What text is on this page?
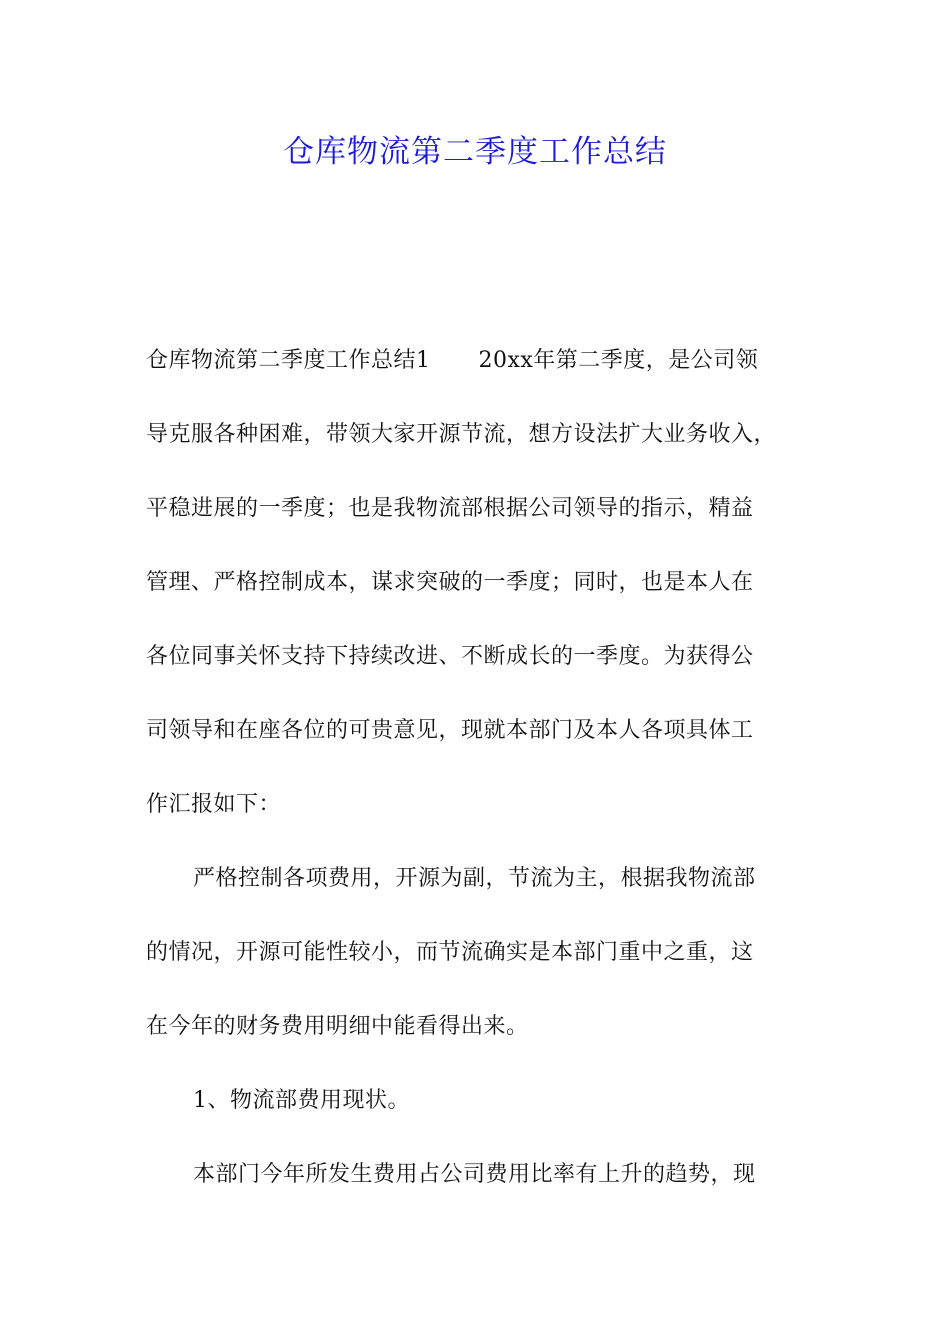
仓库物流第二季度工作总结
仓库物流第二季度工作总结1 20xx年第二季度，是公司领
导克服各种困难，带领大家开源节流，想方设法扩大业务收入，
平稳进展的一季度；也是我物流部根据公司领导的指示，精益
管理、严格控制成本，谋求突破的一季度；同时，也是本人在
各位同事关怀支持下持续改进、不断成长的一季度。为获得公
司领导和在座各位的可贵意见，现就本部门及本人各项具体工
作汇报如下：
严格控制各项费用，开源为副，节流为主，根据我物流部
的情况，开源可能性较小，而节流确实是本部门重中之重，这
在今年的财务费用明细中能看得出来。
1、物流部费用现状。
本部门今年所发生费用占公司费用比率有上升的趋势，现
